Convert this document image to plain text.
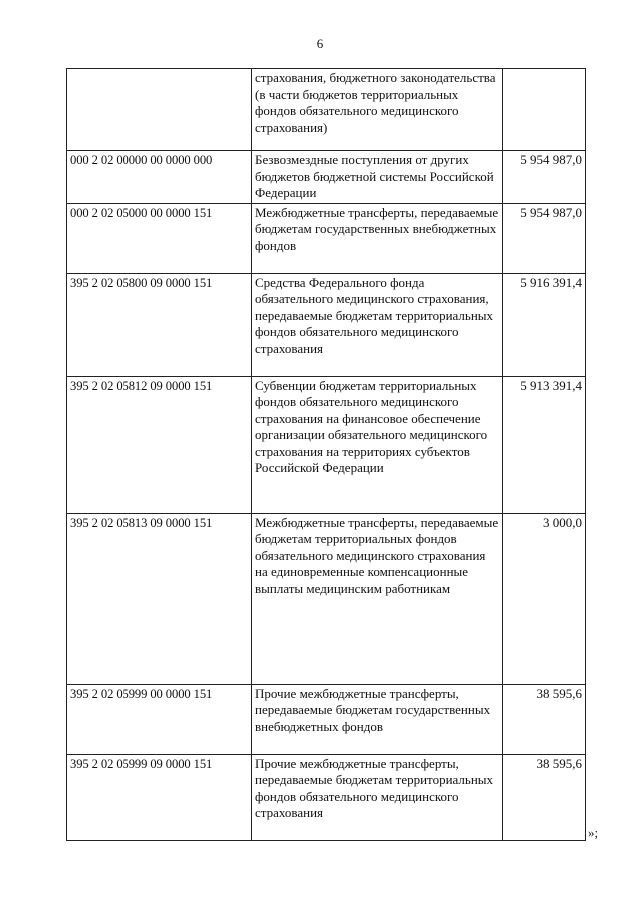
6
	страхования, бюджетного законодательства (в части бюджетов территориальных фондов обязательного медицинского страхования)	
000 2 02 00000 00 0000 000	Безвозмездные поступления от других бюджетов бюджетной системы Российской Федерации	5 954 987,0
000 2 02 05000 00 0000 151	Межбюджетные трансферты, передаваемые бюджетам государственных внебюджетных фондов	5 954 987,0
395 2 02 05800 09 0000 151	Средства Федерального фонда обязательного медицинского страхования, передаваемые бюджетам территориальных фондов обязательного медицинского страхования	5 916 391,4
395 2 02 05812 09 0000 151	Субвенции бюджетам территориальных фондов обязательного медицинского страхования на финансовое обеспечение организации обязательного медицинского страхования на территориях субъектов Российской Федерации	5 913 391,4
395 2 02 05813 09 0000 151	Межбюджетные трансферты, передаваемые бюджетам территориальных фондов обязательного медицинского страхования на единовременные компенсационные выплаты медицинским работникам	3 000,0
395 2 02 05999 00 0000 151	Прочие межбюджетные трансферты, передаваемые бюджетам государственных внебюджетных фондов	38 595,6
395 2 02 05999 09 0000 151	Прочие межбюджетные трансферты, передаваемые бюджетам территориальных фондов обязательного медицинского страхования	38 595,6
»;
